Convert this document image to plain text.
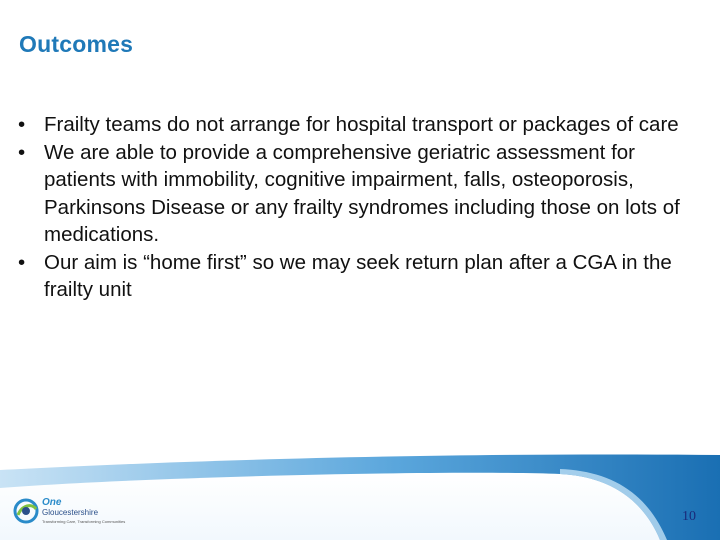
Outcomes
• Frailty teams do not arrange for hospital transport or packages of care
• We are able to provide a comprehensive geriatric assessment for patients with immobility, cognitive impairment, falls, osteoporosis, Parkinsons Disease or any frailty syndromes including those on lots of medications.
• Our aim is “home first” so we may seek return plan after a CGA in the frailty unit
One
Gloucestershire
Transforming Care, Transforming Communities	10
